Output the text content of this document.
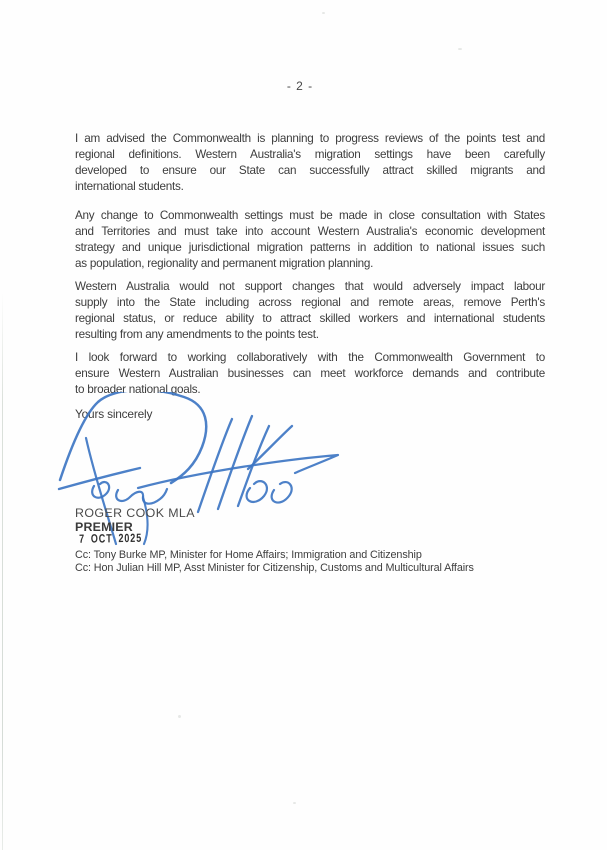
- 2 -
I am advised the Commonwealth is planning to progress reviews of the points test and
regional definitions. Western Australia's migration settings have been carefully
developed to ensure our State can successfully attract skilled migrants and
international students.
Any change to Commonwealth settings must be made in close consultation with States
and Territories and must take into account Western Australia's economic development
strategy and unique jurisdictional migration patterns in addition to national issues such
as population, regionality and permanent migration planning.
Western Australia would not support changes that would adversely impact labour
supply into the State including across regional and remote areas, remove Perth's
regional status, or reduce ability to attract skilled workers and international students
resulting from any amendments to the points test.
I look forward to working collaboratively with the Commonwealth Government to
ensure Western Australian businesses can meet workforce demands and contribute
to broader national goals.
Yours sincerely
ROGER COOK MLA
PREMIER
7 OCT 2025
Cc: Tony Burke MP, Minister for Home Affairs; Immigration and Citizenship
Cc: Hon Julian Hill MP, Asst Minister for Citizenship, Customs and Multicultural Affairs
